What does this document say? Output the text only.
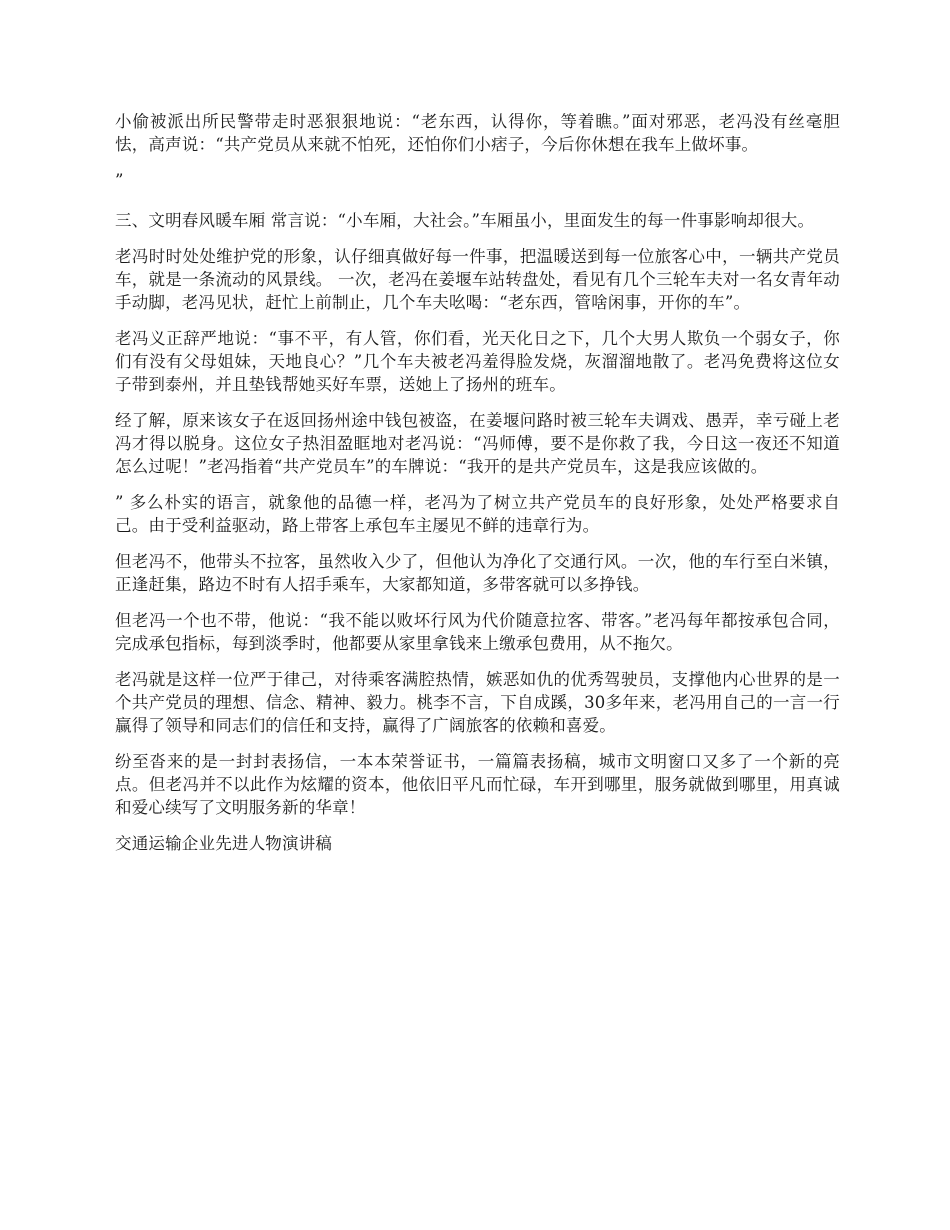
小偷被派出所民警带走时恶狠狠地说：“老东西，认得你，等着瞧。”面对邪恶，老冯没有丝毫胆怯，高声说：“共产党员从来就不怕死，还怕你们小痞子，今后你休想在我车上做坏事。

”

三、文明春风暖车厢 常言说：“小车厢，大社会。”车厢虽小，里面发生的每一件事影响却很大。

老冯时时处处维护党的形象，认仔细真做好每一件事，把温暖送到每一位旅客心中，一辆共产党员车，就是一条流动的风景线。 一次，老冯在姜堰车站转盘处，看见有几个三轮车夫对一名女青年动手动脚，老冯见状，赶忙上前制止，几个车夫吆喝：“老东西，管啥闲事，开你的车”。

老冯义正辞严地说：“事不平，有人管，你们看，光天化日之下，几个大男人欺负一个弱女子，你们有没有父母姐妹，天地良心？”几个车夫被老冯羞得脸发烧，灰溜溜地散了。老冯免费将这位女子带到泰州，并且垫钱帮她买好车票，送她上了扬州的班车。

经了解，原来该女子在返回扬州途中钱包被盗，在姜堰问路时被三轮车夫调戏、愚弄，幸亏碰上老冯才得以脱身。这位女子热泪盈眶地对老冯说：“冯师傅，要不是你救了我，今日这一夜还不知道怎么过呢！”老冯指着“共产党员车”的车牌说：“我开的是共产党员车，这是我应该做的。

” 多么朴实的语言，就象他的品德一样，老冯为了树立共产党员车的良好形象，处处严格要求自己。由于受利益驱动，路上带客上承包车主屡见不鲜的违章行为。

但老冯不，他带头不拉客，虽然收入少了，但他认为净化了交通行风。一次，他的车行至白米镇，正逢赶集，路边不时有人招手乘车，大家都知道，多带客就可以多挣钱。

但老冯一个也不带，他说：“我不能以败坏行风为代价随意拉客、带客。”老冯每年都按承包合同，完成承包指标，每到淡季时，他都要从家里拿钱来上缴承包费用，从不拖欠。

老冯就是这样一位严于律己，对待乘客满腔热情，嫉恶如仇的优秀驾驶员，支撑他内心世界的是一个共产党员的理想、信念、精神、毅力。桃李不言，下自成蹊，30多年来，老冯用自己的一言一行赢得了领导和同志们的信任和支持，赢得了广阔旅客的依赖和喜爱。

纷至沓来的是一封封表扬信，一本本荣誉证书，一篇篇表扬稿，城市文明窗口又多了一个新的亮点。但老冯并不以此作为炫耀的资本，他依旧平凡而忙碌，车开到哪里，服务就做到哪里，用真诚和爱心续写了文明服务新的华章！

交通运输企业先进人物演讲稿
